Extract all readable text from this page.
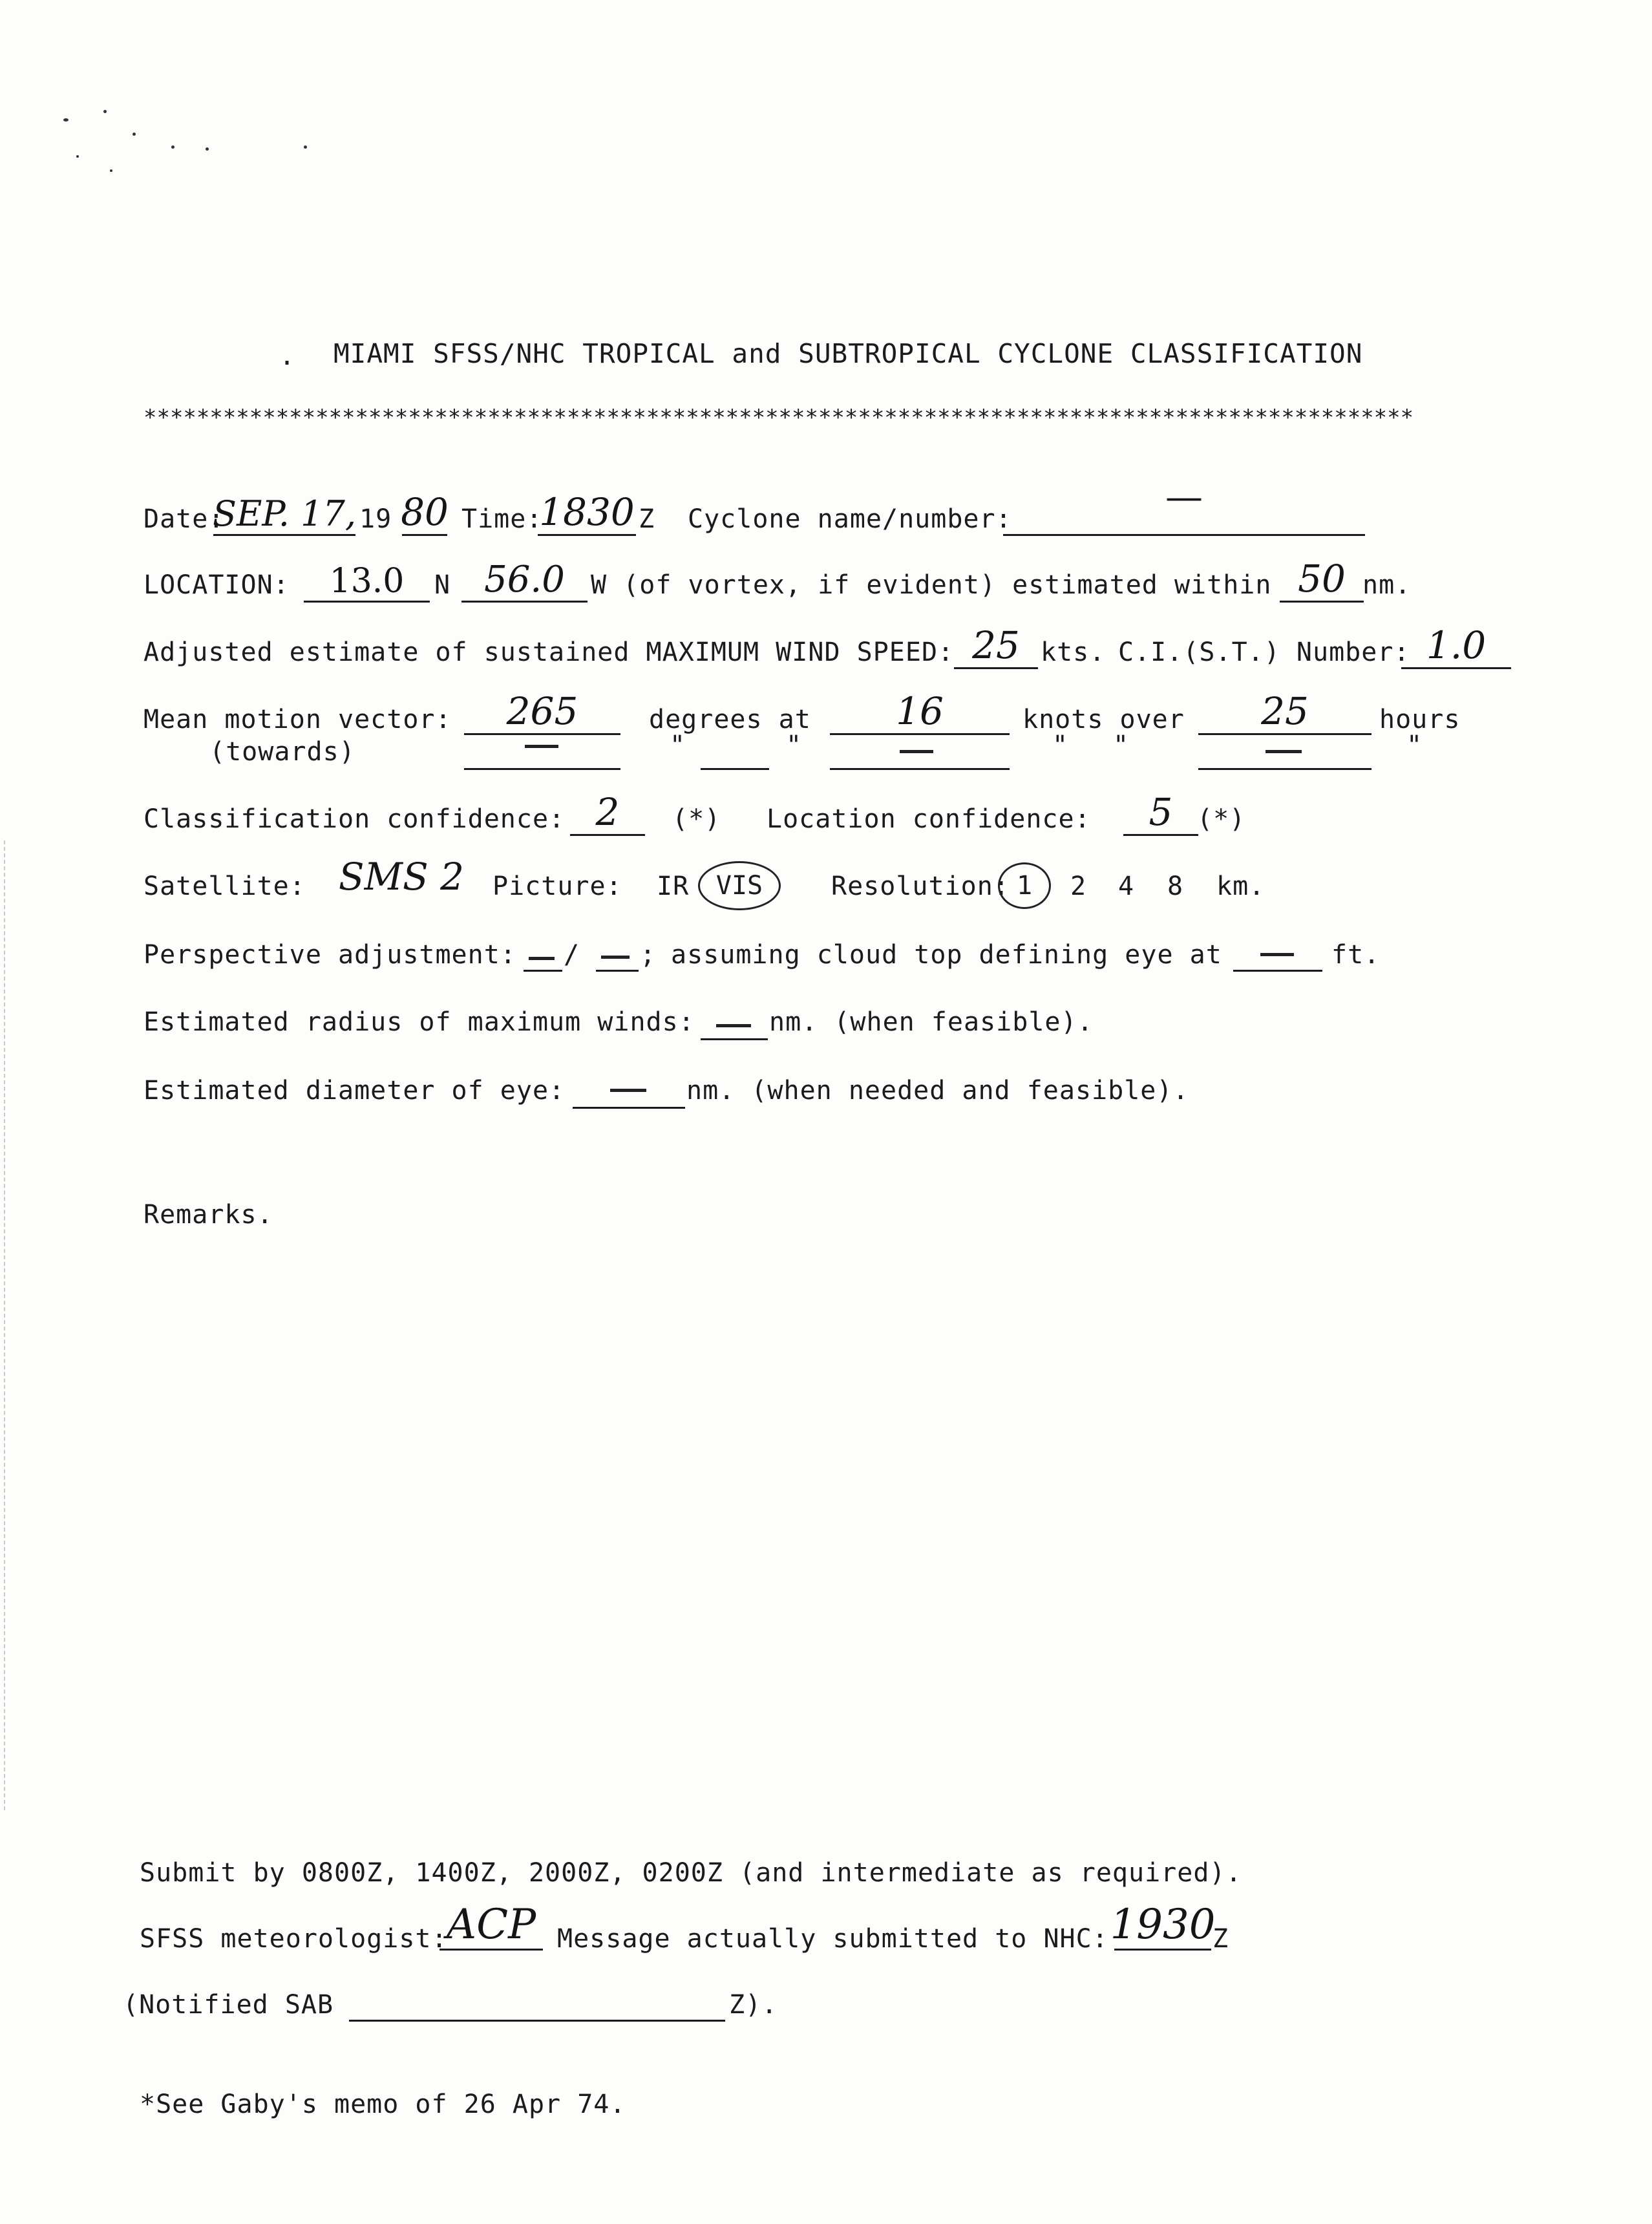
. MIAMI SFSS/NHC TROPICAL and SUBTROPICAL CYCLONE CLASSIFICATION
************************************************************************************************
Date:
SEP. 17, 19 80 Time:
1830 Z Cyclone name/number:
—
LOCATION: 13.0 N 56.0 W (of vortex, if evident) estimated within 50 nm.
Adjusted estimate of sustained MAXIMUM WIND SPEED: 25 kts. C.I.(S.T.) Number: 1.0
Mean motion vector: 265	degrees at 16	knots over 25	hours
(towards)	"	"	" "	"
Classification confidence: 2 (*) Location confidence: 5 (*)
Satellite: SMS 2 Picture: IR VIS	Resolution: 1 2 4 8 km.
Perspective adjustment: / ; assuming cloud top defining eye at	ft.
Estimated radius of maximum winds:	nm. (when feasible).
Estimated diameter of eye:	nm. (when needed and feasible).
Remarks.
Submit by 0800Z, 1400Z, 2000Z, 0200Z (and intermediate as required).
SFSS meteorologist:
ACP Message actually submitted to NHC: 1930
Z
(Notified SAB	Z).
*See Gaby's memo of 26 Apr 74.
